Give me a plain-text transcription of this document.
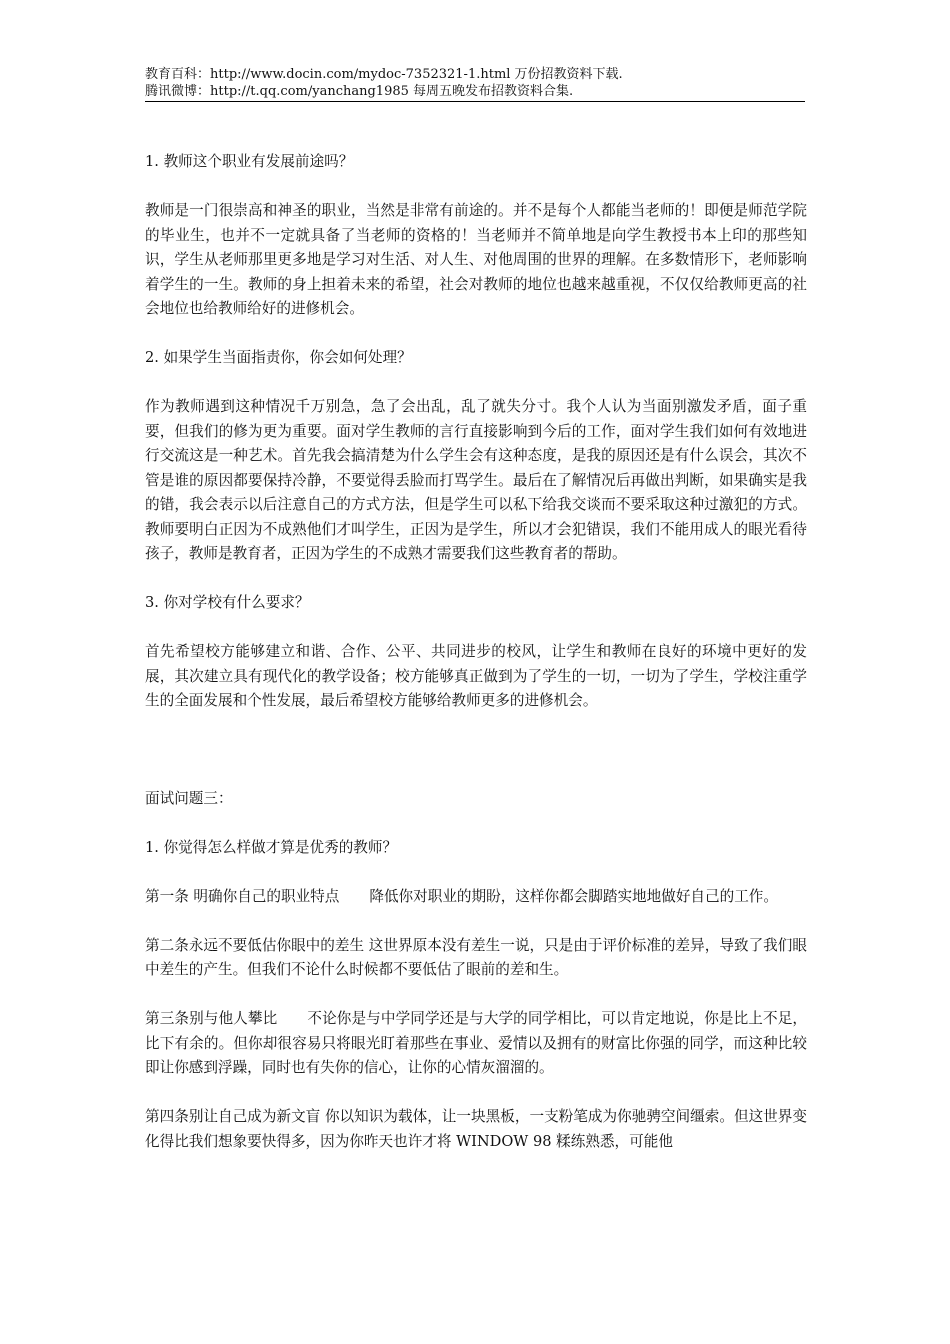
教育百科：http://www.docin.com/mydoc-7352321-1.html 万份招教资料下载.
腾讯微博：http://t.qq.com/yanchang1985 每周五晚发布招教资料合集.

1. 教师这个职业有发展前途吗？

教师是一门很崇高和神圣的职业，当然是非常有前途的。并不是每个人都能当老师的！即便是师范学院的毕业生，也并不一定就具备了当老师的资格的！当老师并不简单地是向学生教授书本上印的那些知识，学生从老师那里更多地是学习对生活、对人生、对他周围的世界的理解。在多数情形下，老师影响着学生的一生。教师的身上担着未来的希望，社会对教师的地位也越来越重视，不仅仅给教师更高的社会地位也给教师给好的进修机会。

2. 如果学生当面指责你，你会如何处理？

作为教师遇到这种情况千万别急，急了会出乱，乱了就失分寸。我个人认为当面别激发矛盾，面子重要，但我们的修为更为重要。面对学生教师的言行直接影响到今后的工作，面对学生我们如何有效地进行交流这是一种艺术。首先我会搞清楚为什么学生会有这种态度，是我的原因还是有什么误会，其次不管是谁的原因都要保持冷静，不要觉得丢脸而打骂学生。最后在了解情况后再做出判断，如果确实是我的错，我会表示以后注意自己的方式方法，但是学生可以私下给我交谈而不要采取这种过激犯的方式。教师要明白正因为不成熟他们才叫学生，正因为是学生，所以才会犯错误，我们不能用成人的眼光看待孩子，教师是教育者，正因为学生的不成熟才需要我们这些教育者的帮助。

3. 你对学校有什么要求？

首先希望校方能够建立和谐、合作、公平、共同进步的校风，让学生和教师在良好的环境中更好的发展，其次建立具有现代化的教学设备；校方能够真正做到为了学生的一切，一切为了学生，学校注重学生的全面发展和个性发展，最后希望校方能够给教师更多的进修机会。

面试问题三：

1. 你觉得怎么样做才算是优秀的教师？

第一条 明确你自己的职业特点 降低你对职业的期盼，这样你都会脚踏实地地做好自己的工作。

第二条永远不要低估你眼中的差生 这世界原本没有差生一说，只是由于评价标准的差异，导致了我们眼中差生的产生。但我们不论什么时候都不要低估了眼前的差和生。

第三条别与他人攀比 不论你是与中学同学还是与大学的同学相比，可以肯定地说，你是比上不足，比下有余的。但你却很容易只将眼光盯着那些在事业、爱情以及拥有的财富比你强的同学，而这种比较即让你感到浮躁，同时也有失你的信心，让你的心情灰溜溜的。

第四条别让自己成为新文盲 你以知识为载体，让一块黑板，一支粉笔成为你驰骋空间缰索。但这世界变化得比我们想象要快得多，因为你昨天也许才将 WINDOW 98 糅练熟悉，可能他
